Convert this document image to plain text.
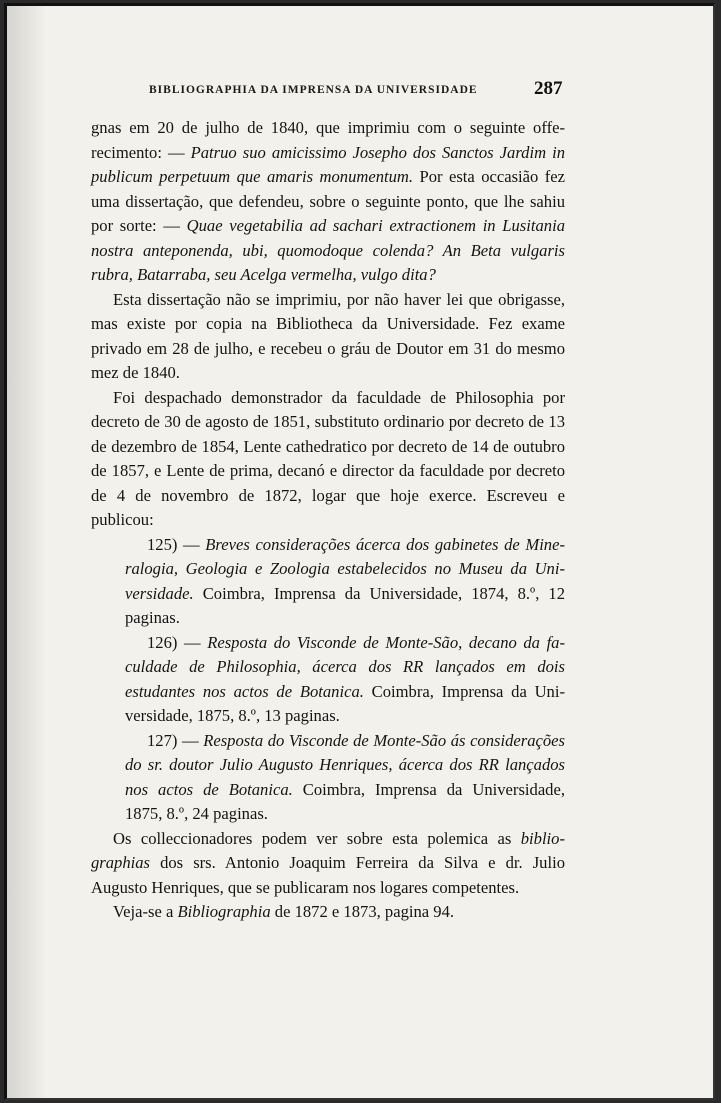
BIBLIOGRAPHIA DA IMPRENSA DA UNIVERSIDADE	287

gnas em 20 de julho de 1840, que imprimiu com o seguinte offerecimento: — Patruo suo amicissimo Josepho dos Sanctos Jardim in publicum perpetuum que amaris monumentum. Por esta occasião fez uma dissertação, que defendeu, sobre o seguinte ponto, que lhe sahiu por sorte: — Quae vegetabilia ad sachari extractionem in Lusitania nostra anteponenda, ubi, quomodoque colenda? An Beta vulgaris rubra, Batarraba, seu Acelga vermelha, vulgo dita?

Esta dissertação não se imprimiu, por não haver lei que obrigasse, mas existe por copia na Bibliotheca da Universidade. Fez exame privado em 28 de julho, e recebeu o gráu de Doutor em 31 do mesmo mez de 1840.

Foi despachado demonstrador da faculdade de Philosophia por decreto de 30 de agosto de 1851, substituto ordinario por decreto de 13 de dezembro de 1854, Lente cathedratico por decreto de 14 de outubro de 1857, e Lente de prima, decanó e director da faculdade por decreto de 4 de novembro de 1872, logar que hoje exerce. Escreveu e publicou:

125) — Breves considerações ácerca dos gabinetes de Mineralogia, Geologia e Zoologia estabelecidos no Museu da Universidade. Coimbra, Imprensa da Universidade, 1874, 8.º, 12 paginas.

126) — Resposta do Visconde de Monte-São, decano da faculdade de Philosophia, ácerca dos RR lançados em dois estudantes nos actos de Botanica. Coimbra, Imprensa da Universidade, 1875, 8.º, 13 paginas.

127) — Resposta do Visconde de Monte-São ás considerações do sr. doutor Julio Augusto Henriques, ácerca dos RR lançados nos actos de Botanica. Coimbra, Imprensa da Universidade, 1875, 8.º, 24 paginas.

Os colleccionadores podem ver sobre esta polemica as bibliographias dos srs. Antonio Joaquim Ferreira da Silva e dr. Julio Augusto Henriques, que se publicaram nos logares competentes.

Veja-se a Bibliographia de 1872 e 1873, pagina 94.
